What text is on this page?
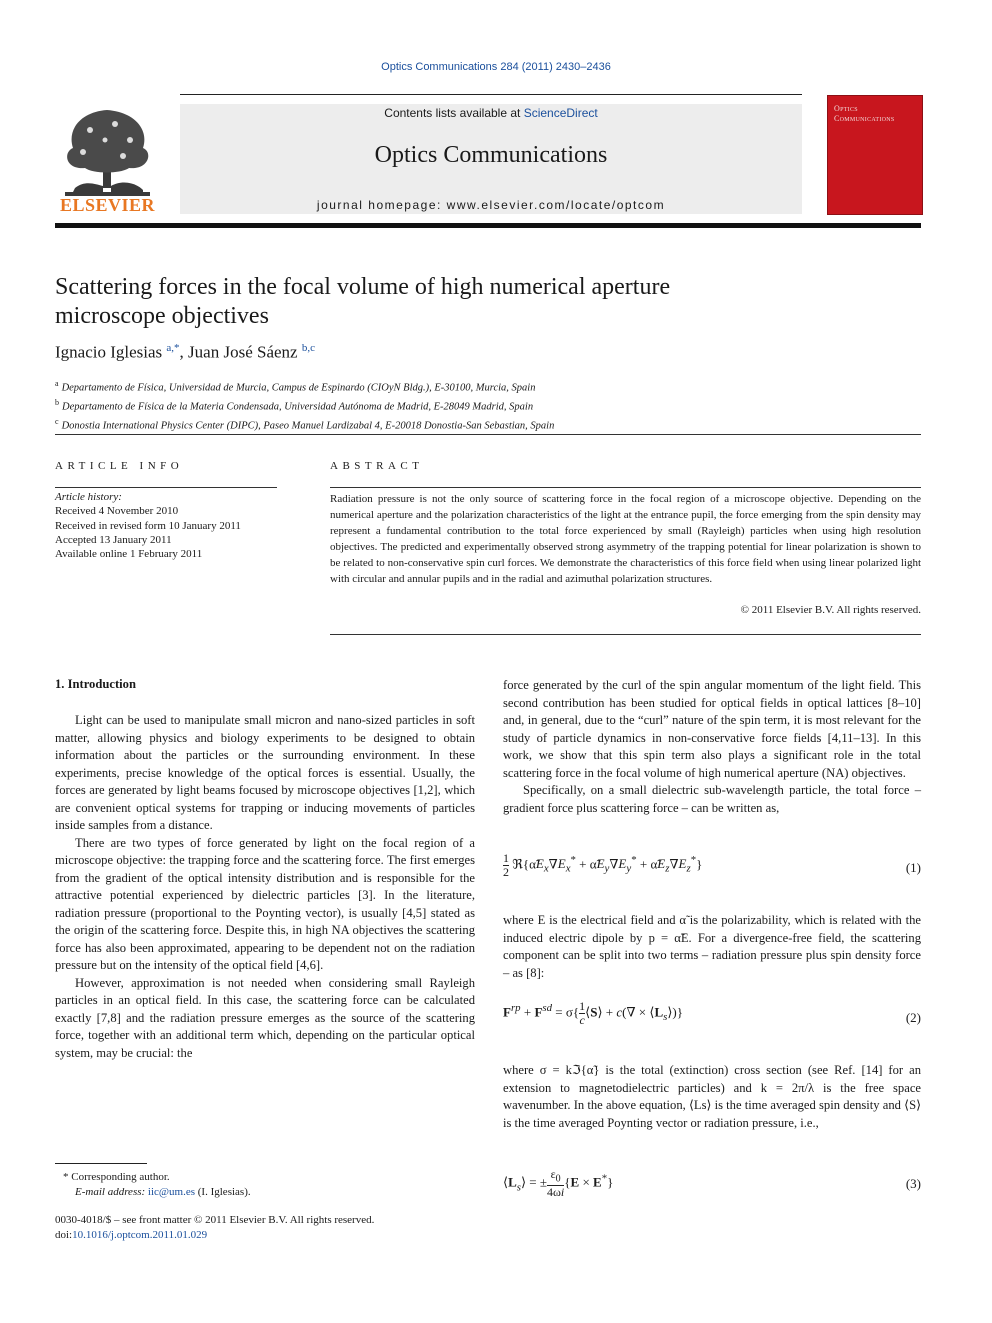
Optics Communications 284 (2011) 2430–2436
ELSEVIER
Contents lists available at ScienceDirect
Optics Communications
journal homepage: www.elsevier.com/locate/optcom
Optics Communications
Scattering forces in the focal volume of high numerical aperture
microscope objectives
Ignacio Iglesias $^{a,*}$, Juan José Sáenz $^{b,c}$
$^a$ Departamento de Física, Universidad de Murcia, Campus de Espinardo (CIOyN Bldg.), E-30100, Murcia, Spain
$^b$ Departamento de Física de la Materia Condensada, Universidad Autónoma de Madrid, E-28049 Madrid, Spain
$^c$ Donostia International Physics Center (DIPC), Paseo Manuel Lardizabal 4, E-20018 Donostia-San Sebastian, Spain
ARTICLE INFO
Article history:
Received 4 November 2010
Received in revised form 10 January 2011
Accepted 13 January 2011
Available online 1 February 2011
ABSTRACT
Radiation pressure is not the only source of scattering force in the focal region of a microscope objective. Depending on the numerical aperture and the polarization characteristics of the light at the entrance pupil, the force emerging from the spin density may represent a fundamental contribution to the total force experienced by small (Rayleigh) particles when using high resolution objectives. The predicted and experimentally observed strong asymmetry of the trapping potential for linear polarization is shown to be related to non-conservative spin curl forces. We demonstrate the characteristics of this force field when using linear polarized light with circular and annular pupils and in the radial and azimuthal polarization structures.
© 2011 Elsevier B.V. All rights reserved.
1. Introduction

Light can be used to manipulate small micron and nano-sized particles in soft matter, allowing physics and biology experiments to be designed to obtain information about the particles or the surrounding environment. In these experiments, precise knowledge of the optical forces is essential. Usually, the forces are generated by light beams focused by microscope objectives [1,2], which are convenient optical systems for trapping or inducing movements of particles inside samples from a distance.

There are two types of force generated by light on the focal region of a microscope objective: the trapping force and the scattering force. The first emerges from the gradient of the optical intensity distribution and is responsible for the attractive potential experienced by dielectric particles [3]. In the literature, radiation pressure (proportional to the Poynting vector), is usually [4,5] stated as the origin of the scattering force. Despite this, in high NA objectives the scattering force has also been approximated, appearing to be dependent not on the radiation pressure but on the intensity of the optical field [4,6].

However, approximation is not needed when considering small Rayleigh particles in an optical field. In this case, the scattering force can be calculated exactly [7,8] and the radiation pressure emerges as the source of the scattering force, together with an additional term which, depending on the particular optical system, may be crucial: the

force generated by the curl of the spin angular momentum of the light field. This second contribution has been studied for optical fields in optical lattices [8–10] and, in general, due to the “curl” nature of the spin term, it is most relevant for the study of particle dynamics in non-conservative force fields [4,11–13]. In this work, we show that this spin term also plays a significant role in the total scattering force in the focal volume of high numerical aperture (NA) objectives.

Specifically, on a small dielectric sub-wavelength particle, the total force – gradient force plus scattering force – can be written as,

$\frac{1}{2}$ $ℜ\{\alphãE_x\nabla E_x^*$ + $\alphãE_y\nabla E_y^*$ + $\alphãE_z\nabla E_z^*$}	(1)

where E is the electrical field and α̃ is the polarizability, which is related with the induced electric dipole by p = α̃E. For a divergence-free field, the scattering component can be split into two terms – radiation pressure plus spin density force – as [8]:

$F^{rp} + F^{sd} = \sigma\{ \frac{1}{c}$ ⟨S⟩ + $c(\nabla \times ⟨L_s⟩)$}	(2)

where σ = kℑ{α̃} is the total (extinction) cross section (see Ref. [14] for an extension to magnetodielectric particles) and k = 2π/λ is the free space wavenumber. In the above equation, ⟨Ls⟩ is the time averaged spin density and ⟨S⟩ is the time averaged Poynting vector or radiation pressure, i.e.,

$⟨L_s⟩$ = ± $\frac{\varepsilon_0}{4\omega i} \{E \times E^*\}$	(3)
* Corresponding author.
E-mail address: iic@um.es (I. Iglesias).
0030-4018/$ – see front matter © 2011 Elsevier B.V. All rights reserved.
doi:10.1016/j.optcom.2011.01.029
